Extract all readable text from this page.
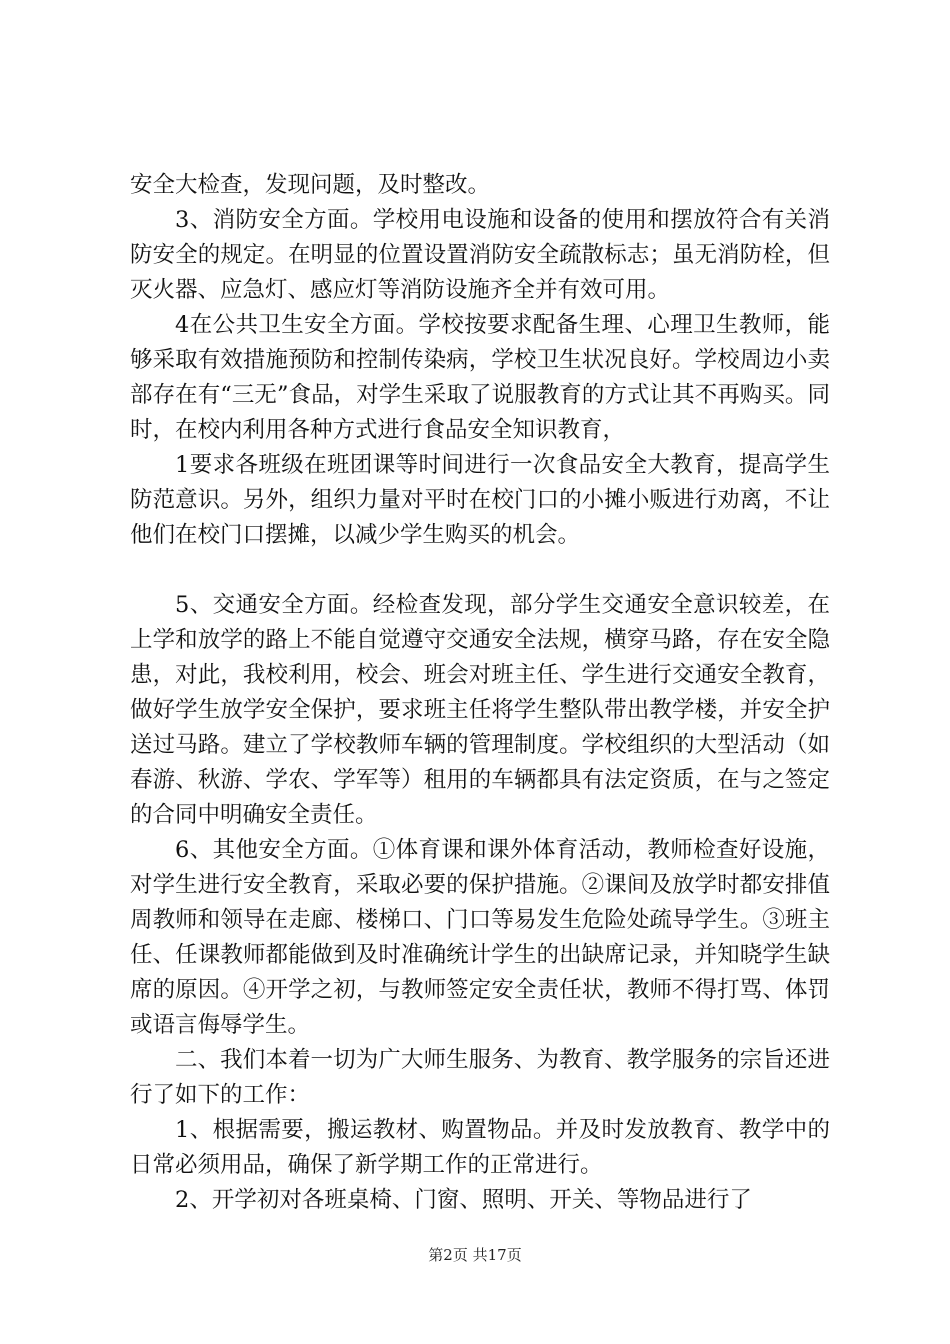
安全大检查，发现问题，及时整改。

3、消防安全方面。学校用电设施和设备的使用和摆放符合有关消防安全的规定。在明显的位置设置消防安全疏散标志；虽无消防栓，但灭火器、应急灯、感应灯等消防设施齐全并有效可用。

4在公共卫生安全方面。学校按要求配备生理、心理卫生教师，能够采取有效措施预防和控制传染病，学校卫生状况良好。学校周边小卖部存在有“三无”食品，对学生采取了说服教育的方式让其不再购买。同时，在校内利用各种方式进行食品安全知识教育，

1要求各班级在班团课等时间进行一次食品安全大教育，提高学生防范意识。另外，组织力量对平时在校门口的小摊小贩进行劝离，不让他们在校门口摆摊，以减少学生购买的机会。

5、交通安全方面。经检查发现，部分学生交通安全意识较差，在上学和放学的路上不能自觉遵守交通安全法规，横穿马路，存在安全隐患，对此，我校利用，校会、班会对班主任、学生进行交通安全教育，做好学生放学安全保护，要求班主任将学生整队带出教学楼，并安全护送过马路。建立了学校教师车辆的管理制度。学校组织的大型活动（如春游、秋游、学农、学军等）租用的车辆都具有法定资质，在与之签定的合同中明确安全责任。

6、其他安全方面。①体育课和课外体育活动，教师检查好设施，对学生进行安全教育，采取必要的保护措施。②课间及放学时都安排值周教师和领导在走廊、楼梯口、门口等易发生危险处疏导学生。③班主任、任课教师都能做到及时准确统计学生的出缺席记录，并知晓学生缺席的原因。④开学之初，与教师签定安全责任状，教师不得打骂、体罚或语言侮辱学生。

二、我们本着一切为广大师生服务、为教育、教学服务的宗旨还进行了如下的工作：

1、根据需要，搬运教材、购置物品。并及时发放教育、教学中的日常必须用品，确保了新学期工作的正常进行。

2、开学初对各班桌椅、门窗、照明、开关、等物品进行了

第2页 共17页
